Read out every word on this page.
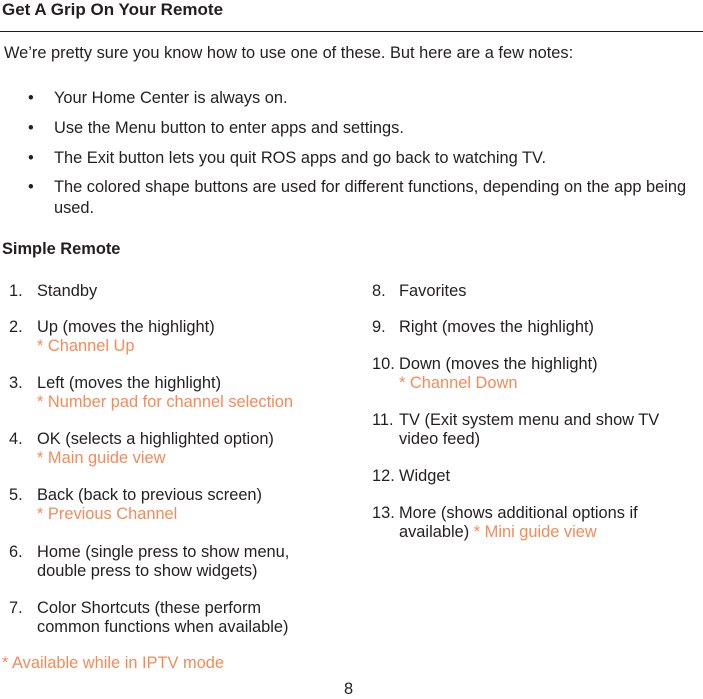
Get A Grip On Your Remote
We’re pretty sure you know how to use one of these. But here are a few notes:
• Your Home Center is always on.
• Use the Menu button to enter apps and settings.
• The Exit button lets you quit ROS apps and go back to watching TV.
• The colored shape buttons are used for different functions, depending on the app being used.
Simple Remote
1. Standby
2. Up (moves the highlight)
* Channel Up
3. Left (moves the highlight)
* Number pad for channel selection
4. OK (selects a highlighted option)
* Main guide view
5. Back (back to previous screen)
* Previous Channel
6. Home (single press to show menu,
double press to show widgets)
7. Color Shortcuts (these perform
common functions when available)
8. Favorites
9. Right (moves the highlight)
10. Down (moves the highlight)
* Channel Down
11. TV (Exit system menu and show TV
video feed)
12. Widget
13. More (shows additional options if
available) * Mini guide view
* Available while in IPTV mode
8
